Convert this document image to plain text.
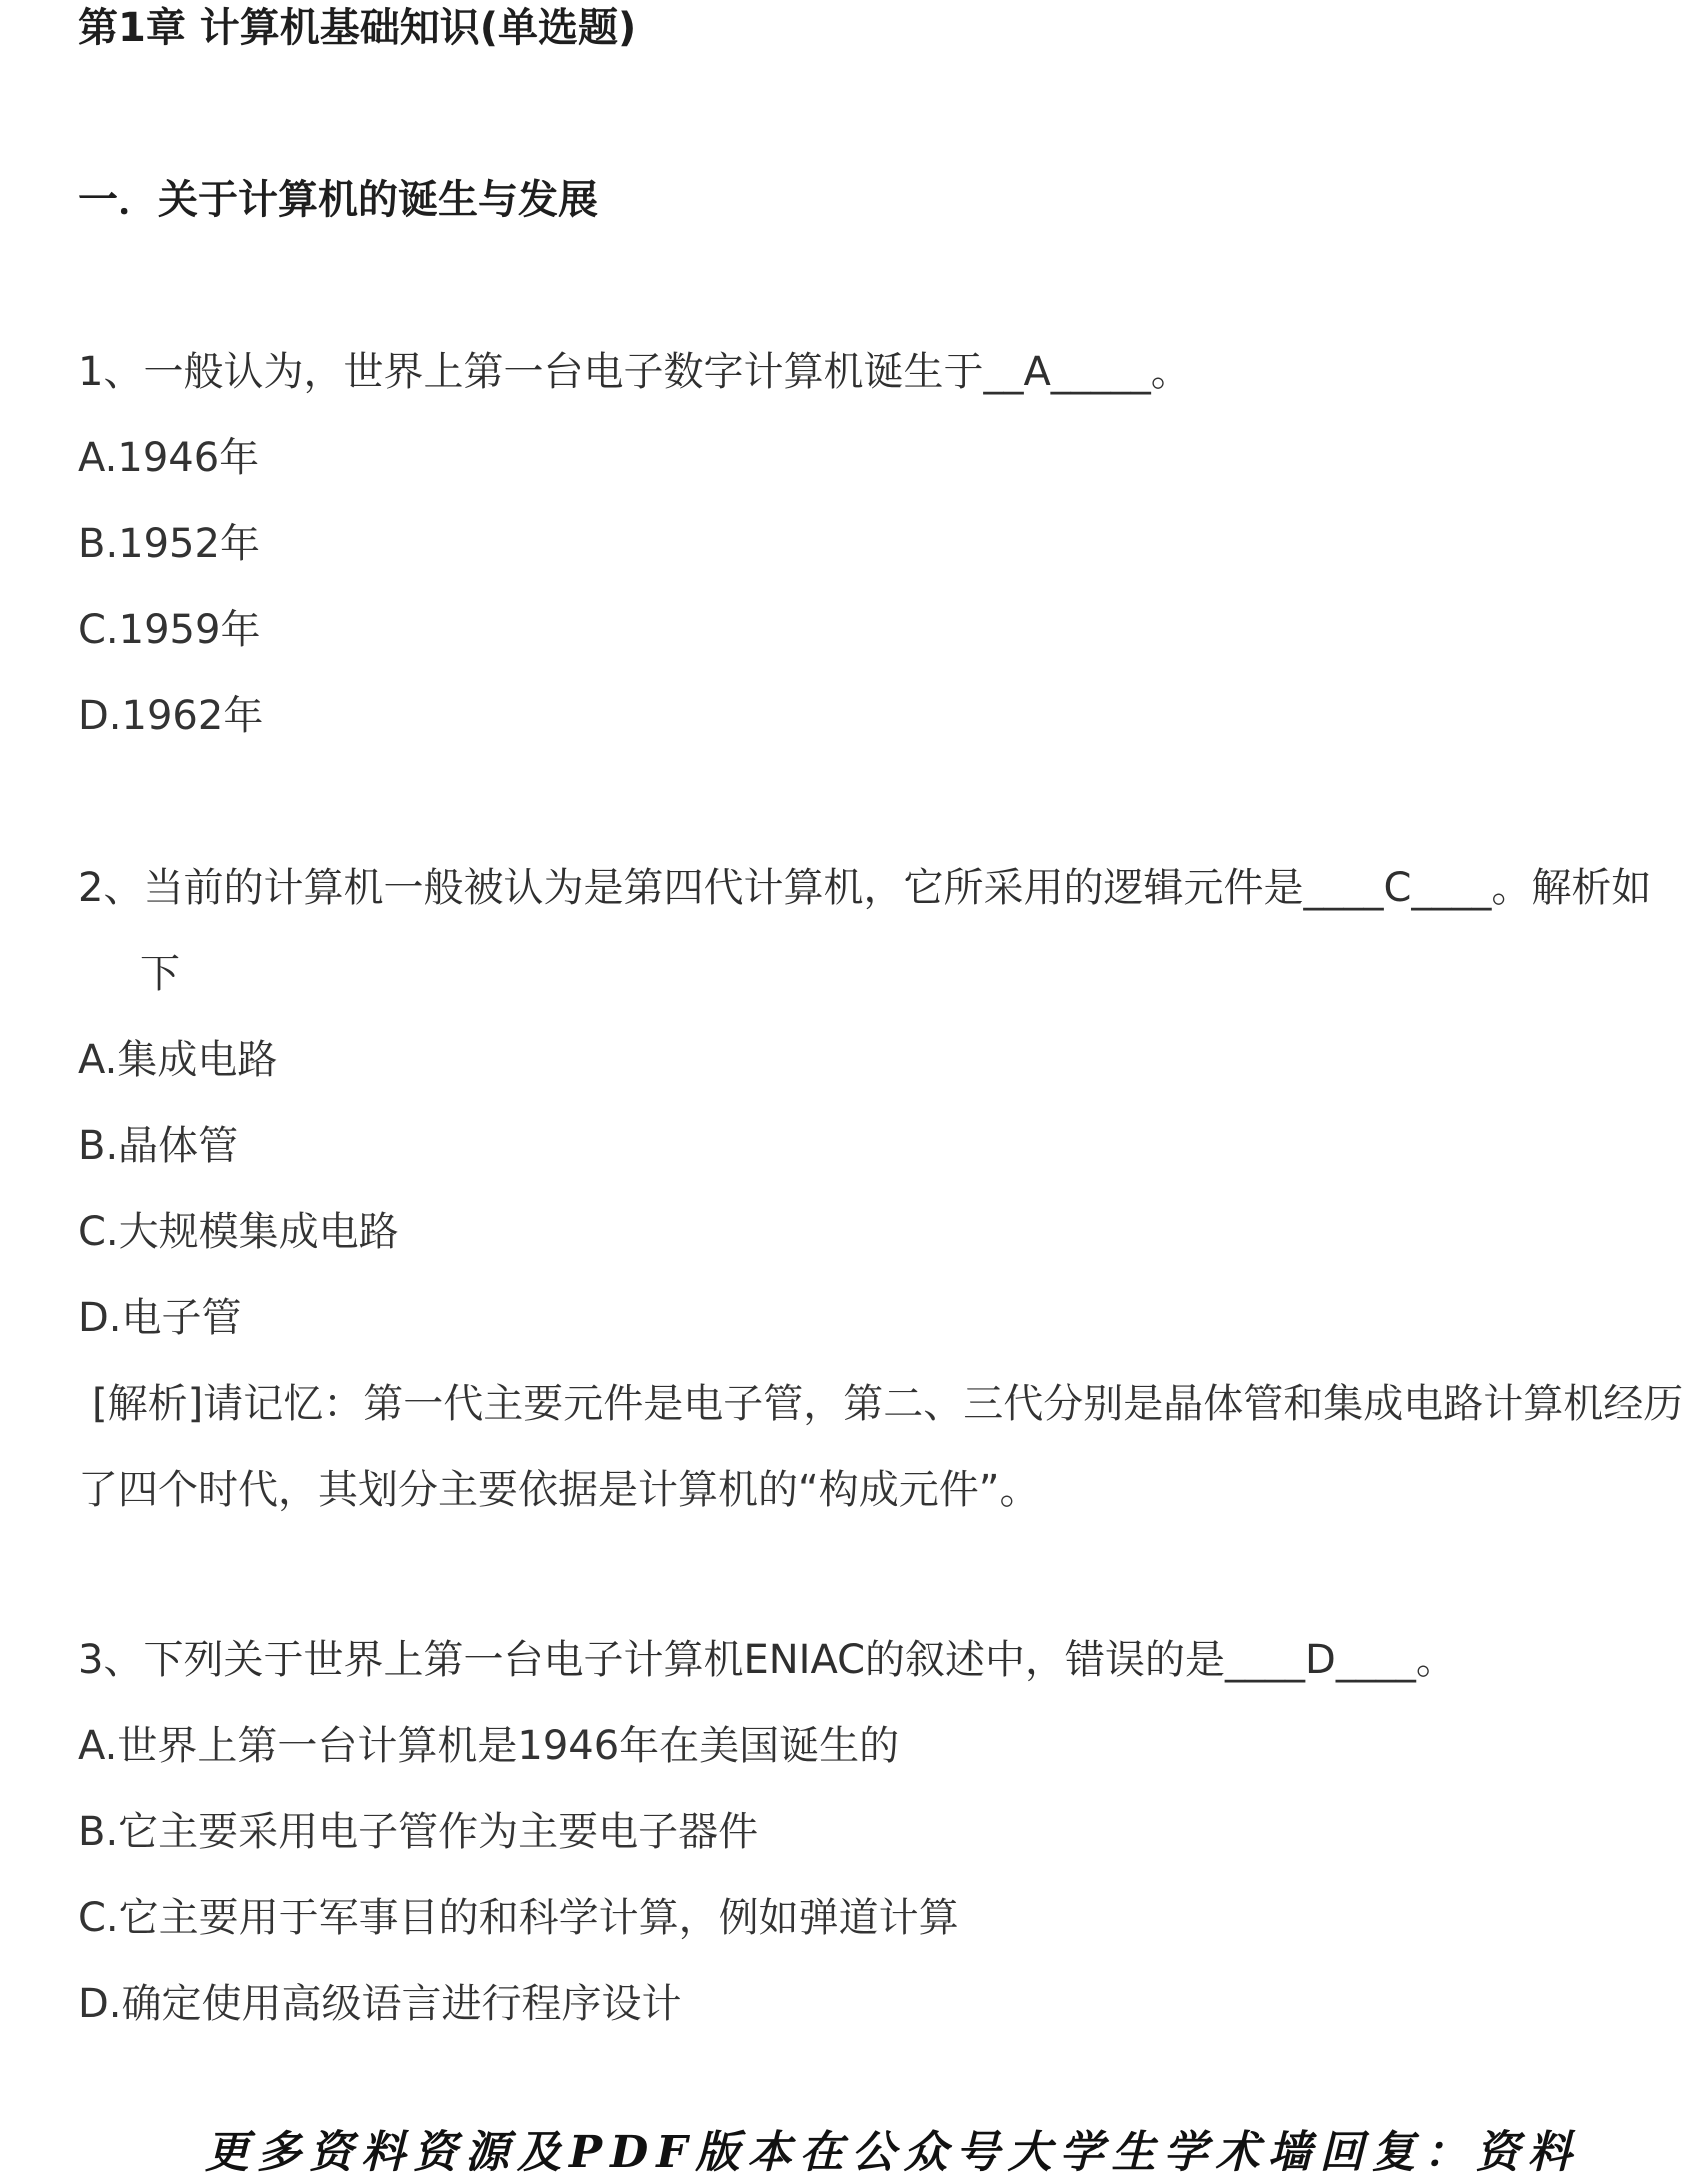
第1章 计算机基础知识(单选题)
一．关于计算机的诞生与发展
1、一般认为，世界上第一台电子数字计算机诞生于__A_____。
A.1946年
B.1952年
C.1959年
D.1962年
2、当前的计算机一般被认为是第四代计算机，它所采用的逻辑元件是____C____。解析如
下
A.集成电路
B.晶体管
C.大规模集成电路
D.电子管
[解析]请记忆：第一代主要元件是电子管，第二、三代分别是晶体管和集成电路计算机经历
了四个时代，其划分主要依据是计算机的“构成元件”。
3、下列关于世界上第一台电子计算机ENIAC的叙述中，错误的是____D____。
A.世界上第一台计算机是1946年在美国诞生的
B.它主要采用电子管作为主要电子器件
C.它主要用于军事目的和科学计算，例如弹道计算
D.确定使用高级语言进行程序设计
更多资料资源及PDF版本在公众号大学生学术墙回复：资料
